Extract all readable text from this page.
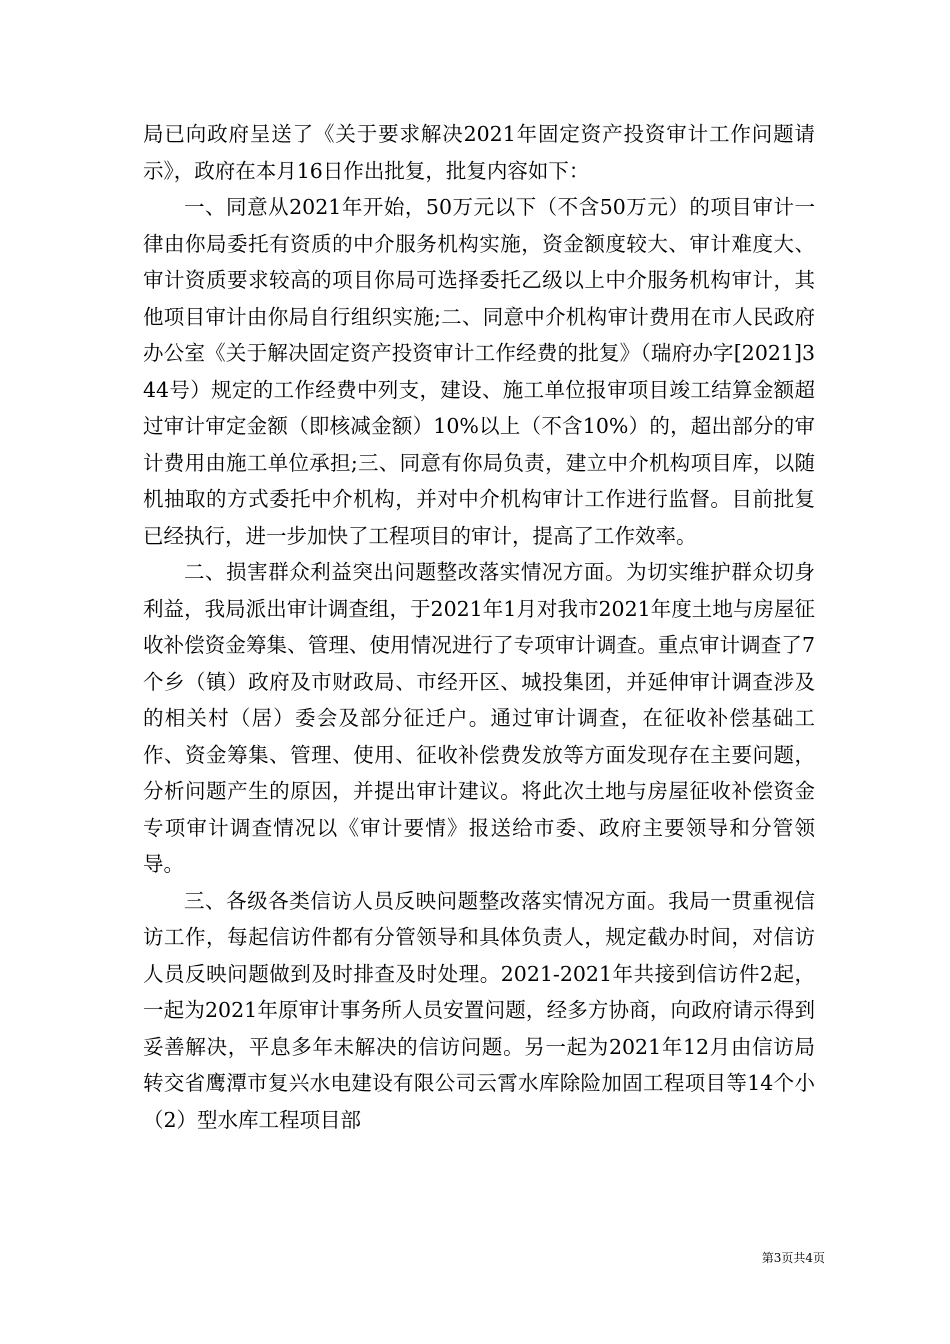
局已向政府呈送了《关于要求解决2021年固定资产投资审计工作问题请示》，政府在本月16日作出批复，批复内容如下：

一、同意从2021年开始，50万元以下（不含50万元）的项目审计一律由你局委托有资质的中介服务机构实施，资金额度较大、审计难度大、审计资质要求较高的项目你局可选择委托乙级以上中介服务机构审计，其他项目审计由你局自行组织实施;二、同意中介机构审计费用在市人民政府办公室《关于解决固定资产投资审计工作经费的批复》（瑞府办字[2021]344号）规定的工作经费中列支，建设、施工单位报审项目竣工结算金额超过审计审定金额（即核减金额）10%以上（不含10%）的，超出部分的审计费用由施工单位承担;三、同意有你局负责，建立中介机构项目库，以随机抽取的方式委托中介机构，并对中介机构审计工作进行监督。目前批复已经执行，进一步加快了工程项目的审计，提高了工作效率。

二、损害群众利益突出问题整改落实情况方面。为切实维护群众切身利益，我局派出审计调查组，于2021年1月对我市2021年度土地与房屋征收补偿资金筹集、管理、使用情况进行了专项审计调查。重点审计调查了7个乡（镇）政府及市财政局、市经开区、城投集团，并延伸审计调查涉及的相关村（居）委会及部分征迁户。通过审计调查，在征收补偿基础工作、资金筹集、管理、使用、征收补偿费发放等方面发现存在主要问题，分析问题产生的原因，并提出审计建议。将此次土地与房屋征收补偿资金专项审计调查情况以《审计要情》报送给市委、政府主要领导和分管领导。

三、各级各类信访人员反映问题整改落实情况方面。我局一贯重视信访工作，每起信访件都有分管领导和具体负责人，规定截办时间，对信访人员反映问题做到及时排查及时处理。2021-2021年共接到信访件2起，一起为2021年原审计事务所人员安置问题，经多方协商，向政府请示得到妥善解决，平息多年未解决的信访问题。另一起为2021年12月由信访局转交省鹰潭市复兴水电建设有限公司云霄水库除险加固工程项目等14个小（2）型水库工程项目部

第3页共4页
